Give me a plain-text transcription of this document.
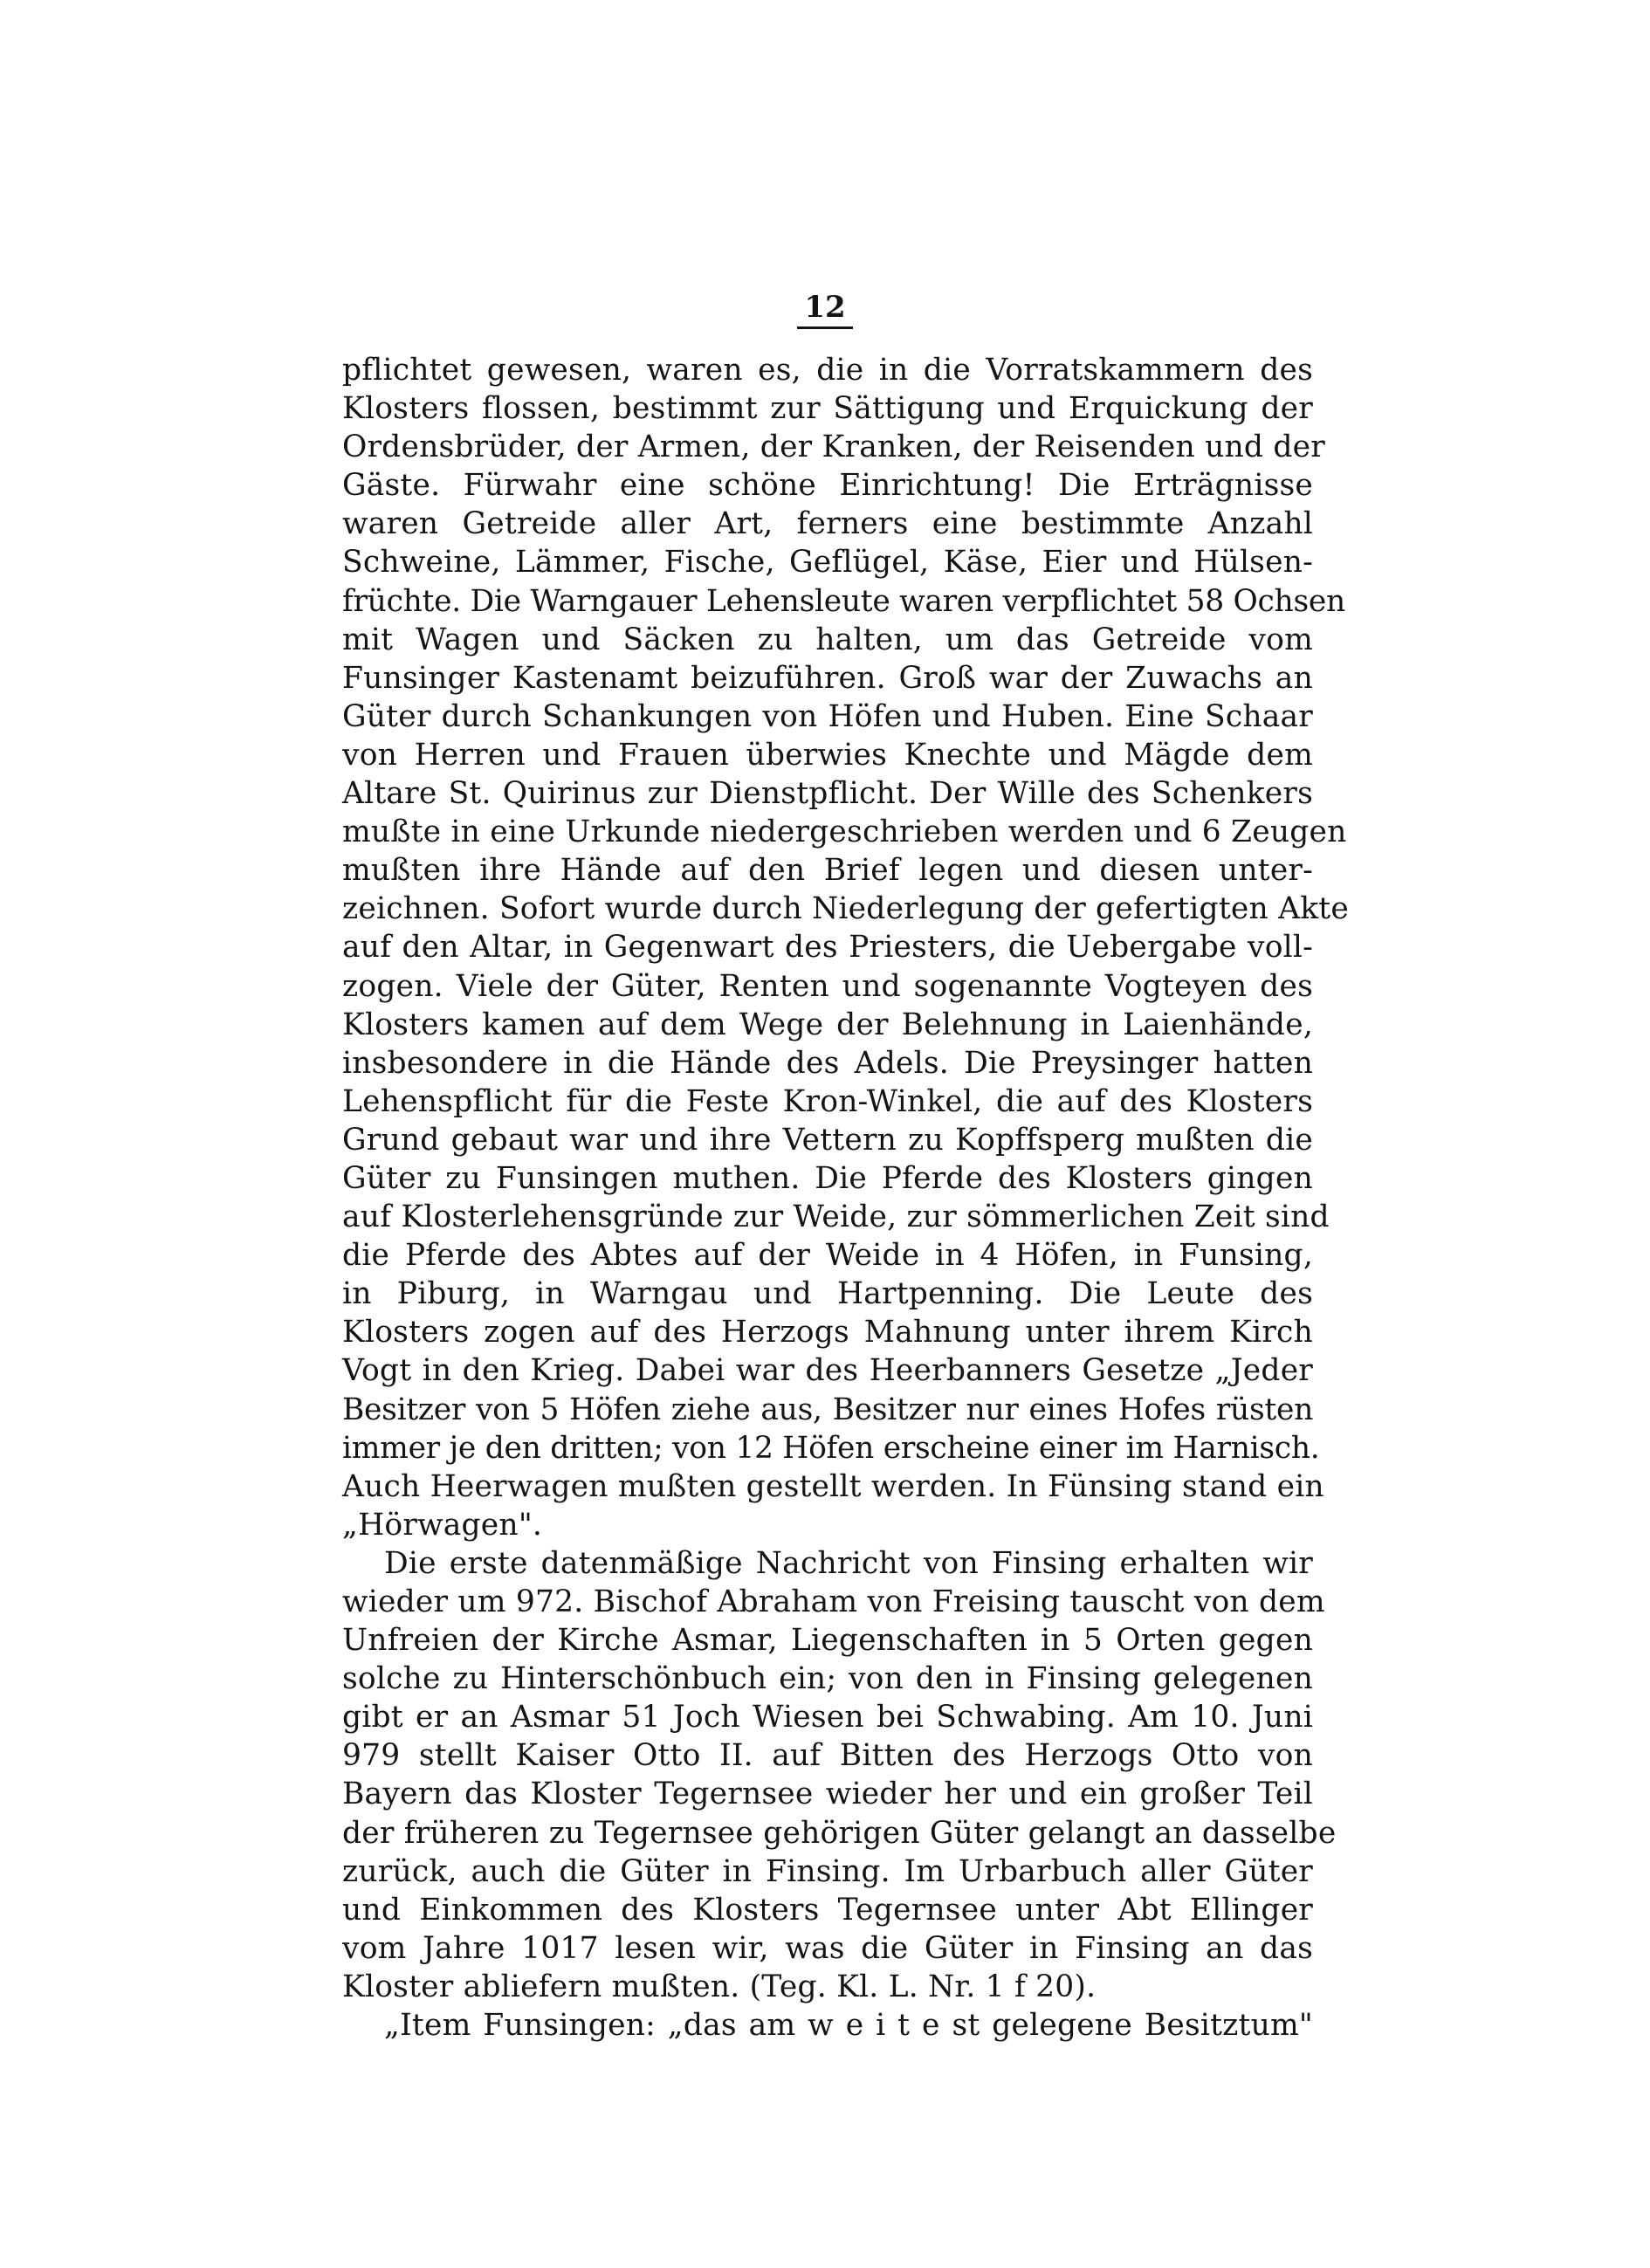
12
pflichtet gewesen, waren es, die in die Vorratskammern des
Klosters flossen, bestimmt zur Sättigung und Erquickung der
Ordensbrüder, der Armen, der Kranken, der Reisenden und der
Gäste. Fürwahr eine schöne Einrichtung! Die Erträgnisse
waren Getreide aller Art, ferners eine bestimmte Anzahl
Schweine, Lämmer, Fische, Geflügel, Käse, Eier und Hülsen-
früchte. Die Warngauer Lehensleute waren verpflichtet 58 Ochsen
mit Wagen und Säcken zu halten, um das Getreide vom
Funsinger Kastenamt beizuführen. Groß war der Zuwachs an
Güter durch Schankungen von Höfen und Huben. Eine Schaar
von Herren und Frauen überwies Knechte und Mägde dem
Altare St. Quirinus zur Dienstpflicht. Der Wille des Schenkers
mußte in eine Urkunde niedergeschrieben werden und 6 Zeugen
mußten ihre Hände auf den Brief legen und diesen unter-
zeichnen. Sofort wurde durch Niederlegung der gefertigten Akte
auf den Altar, in Gegenwart des Priesters, die Uebergabe voll-
zogen. Viele der Güter, Renten und sogenannte Vogteyen des
Klosters kamen auf dem Wege der Belehnung in Laienhände,
insbesondere in die Hände des Adels. Die Preysinger hatten
Lehenspflicht für die Feste Kron-Winkel, die auf des Klosters
Grund gebaut war und ihre Vettern zu Kopffsperg mußten die
Güter zu Funsingen muthen. Die Pferde des Klosters gingen
auf Klosterlehensgründe zur Weide, zur sömmerlichen Zeit sind
die Pferde des Abtes auf der Weide in 4 Höfen, in Funsing,
in Piburg, in Warngau und Hartpenning. Die Leute des
Klosters zogen auf des Herzogs Mahnung unter ihrem Kirch
Vogt in den Krieg. Dabei war des Heerbanners Gesetze „Jeder
Besitzer von 5 Höfen ziehe aus, Besitzer nur eines Hofes rüsten
immer je den dritten; von 12 Höfen erscheine einer im Harnisch.
Auch Heerwagen mußten gestellt werden. In Fünsing stand ein
„Hörwagen".
Die erste datenmäßige Nachricht von Finsing erhalten wir
wieder um 972. Bischof Abraham von Freising tauscht von dem
Unfreien der Kirche Asmar, Liegenschaften in 5 Orten gegen
solche zu Hinterschönbuch ein; von den in Finsing gelegenen
gibt er an Asmar 51 Joch Wiesen bei Schwabing. Am 10. Juni
979 stellt Kaiser Otto II. auf Bitten des Herzogs Otto von
Bayern das Kloster Tegernsee wieder her und ein großer Teil
der früheren zu Tegernsee gehörigen Güter gelangt an dasselbe
zurück, auch die Güter in Finsing. Im Urbarbuch aller Güter
und Einkommen des Klosters Tegernsee unter Abt Ellinger
vom Jahre 1017 lesen wir, was die Güter in Finsing an das
Kloster abliefern mußten. (Teg. Kl. L. Nr. 1 f 20).
„Item Funsingen: „das am w e i t e st gelegene Besitztum"
